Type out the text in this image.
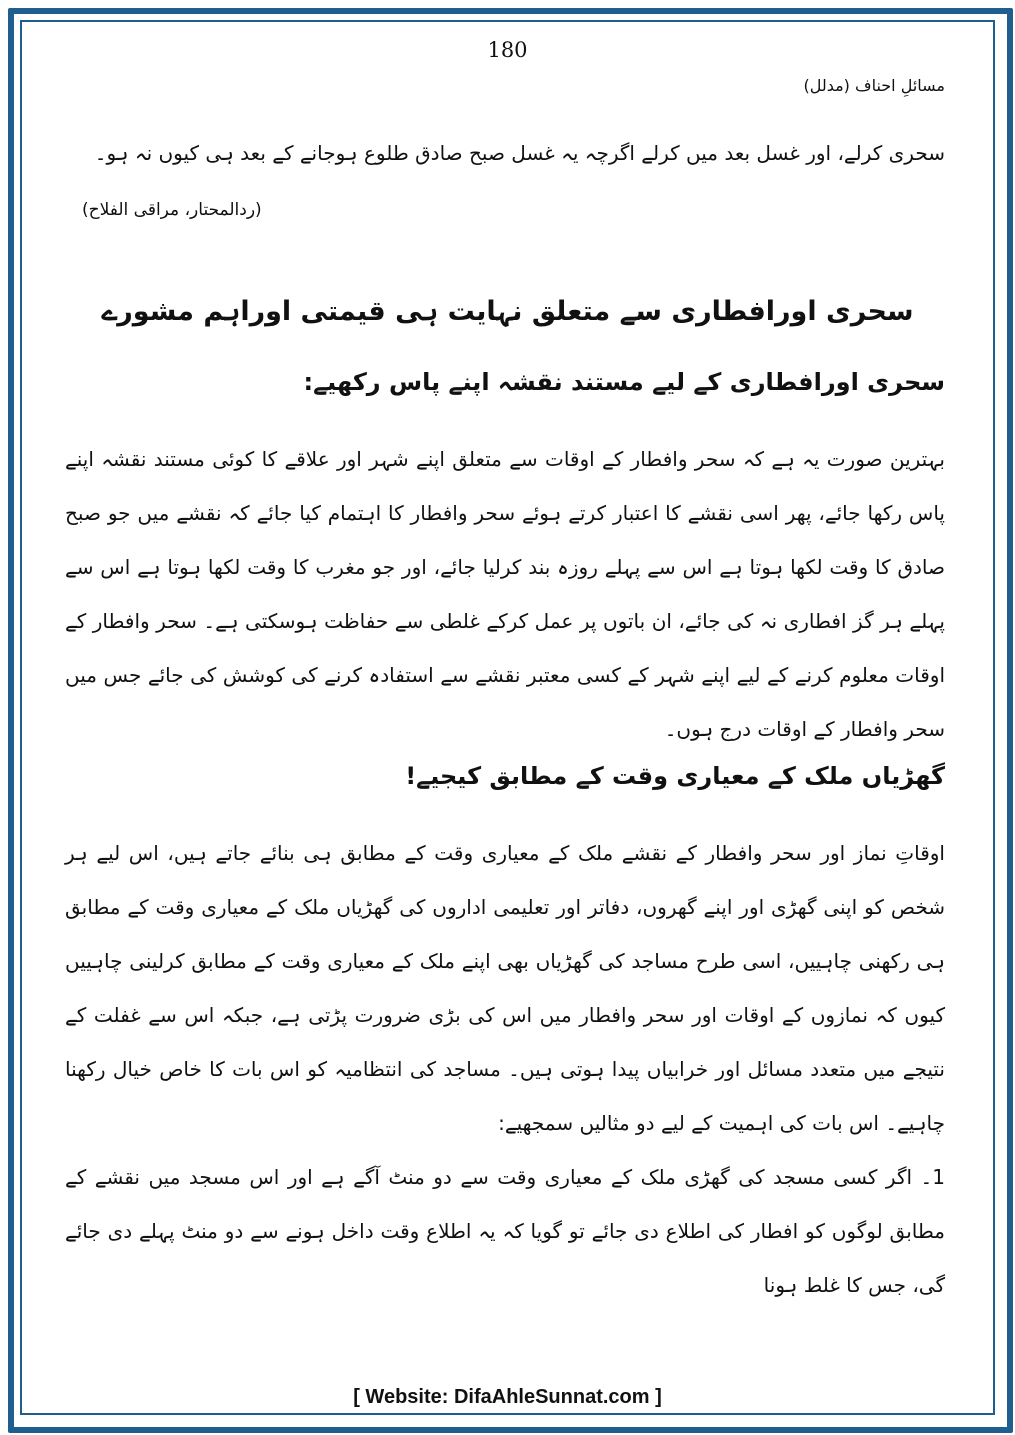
180
مسائلِ احناف (مدلل)

سحری کرلے، اور غسل بعد میں کرلے اگرچہ یہ غسل صبح صادق طلوع ہوجانے کے بعد ہی کیوں نہ ہو۔

(ردالمحتار، مراقی الفلاح)
سحری اورافطاری سے متعلق نہایت ہی قیمتی اوراہم مشورے
سحری اورافطاری کے لیے مستند نقشہ اپنے پاس رکھیے:

بہترین صورت یہ ہے کہ سحر وافطار کے اوقات سے متعلق اپنے شہر اور علاقے کا کوئی مستند نقشہ اپنے پاس رکھا جائے، پھر اسی نقشے کا اعتبار کرتے ہوئے سحر وافطار کا اہتمام کیا جائے کہ نقشے میں جو صبح صادق کا وقت لکھا ہوتا ہے اس سے پہلے روزہ بند کرلیا جائے، اور جو مغرب کا وقت لکھا ہوتا ہے اس سے پہلے ہر گز افطاری نہ کی جائے، ان باتوں پر عمل کرکے غلطی سے حفاظت ہوسکتی ہے۔ سحر وافطار کے اوقات معلوم کرنے کے لیے اپنے شہر کے کسی معتبر نقشے سے استفادہ کرنے کی کوشش کی جائے جس میں سحر وافطار کے اوقات درج ہوں۔

گھڑیاں ملک کے معیاری وقت کے مطابق کیجیے!

اوقاتِ نماز اور سحر وافطار کے نقشے ملک کے معیاری وقت کے مطابق ہی بنائے جاتے ہیں، اس لیے ہر شخص کو اپنی گھڑی اور اپنے گھروں، دفاتر اور تعلیمی اداروں کی گھڑیاں ملک کے معیاری وقت کے مطابق ہی رکھنی چاہییں، اسی طرح مساجد کی گھڑیاں بھی اپنے ملک کے معیاری وقت کے مطابق کرلینی چاہییں کیوں کہ نمازوں کے اوقات اور سحر وافطار میں اس کی بڑی ضرورت پڑتی ہے، جبکہ اس سے غفلت کے نتیجے میں متعدد مسائل اور خرابیاں پیدا ہوتی ہیں۔ مساجد کی انتظامیہ کو اس بات کا خاص خیال رکھنا چاہیے۔ اس بات کی اہمیت کے لیے دو مثالیں سمجھیے:

1۔ اگر کسی مسجد کی گھڑی ملک کے معیاری وقت سے دو منٹ آگے ہے اور اس مسجد میں نقشے کے مطابق لوگوں کو افطار کی اطلاع دی جائے تو گویا کہ یہ اطلاع وقت داخل ہونے سے دو منٹ پہلے دی جائے گی، جس کا غلط ہونا

[ Website: DifaAhleSunnat.com ]
